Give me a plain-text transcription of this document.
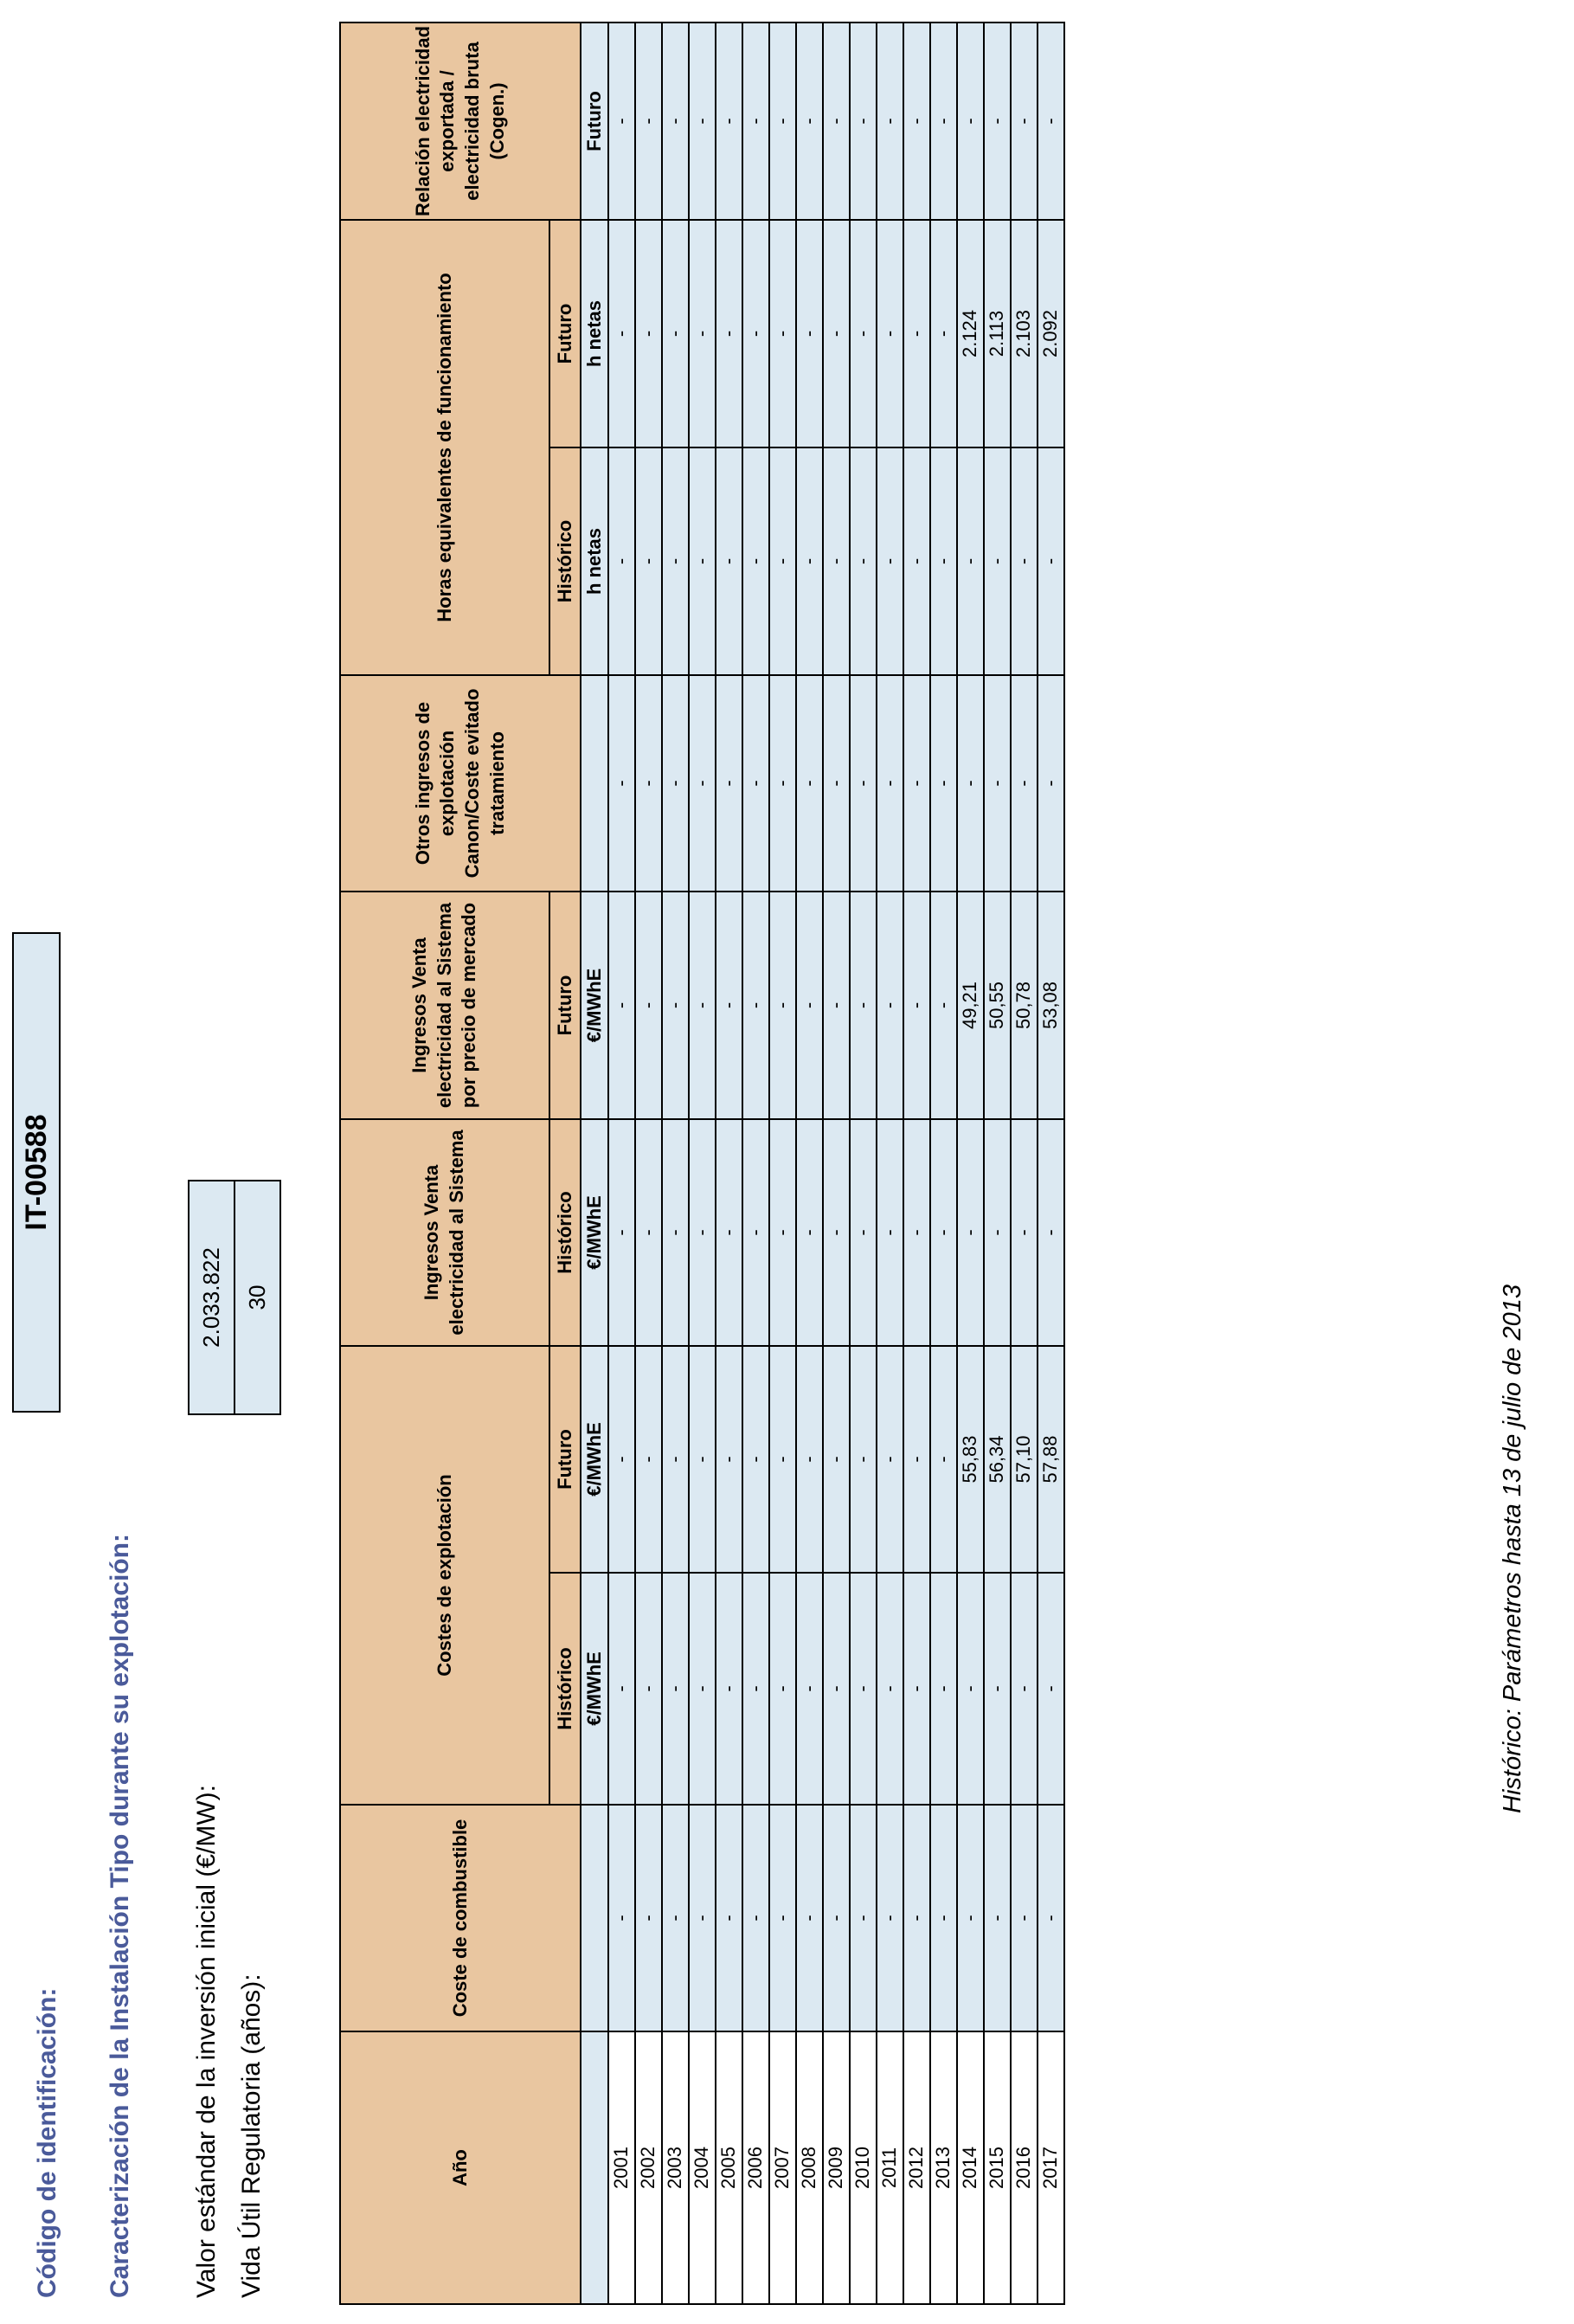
Código de identificación:
IT-00588
Caracterización de la Instalación Tipo durante su explotación: Valor estándar de la inversión inicial (€/MW):
2.033.822
Vida Útil Regulatoria (años):
30
Año	Coste de combustible	Costes de explotación		Ingresos Venta electricidad al Sistema	Ingresos Venta electricidad al Sistema por precio de mercado	Otros ingresos de explotación Canon/Coste evitado tratamiento	Horas equivalentes de funcionamiento		Relación electricidad exportada / electricidad bruta (Cogen.)
		Histórico	Futuro	Histórico	Futuro		Histórico	Futuro	
		€/MWhE	€/MWhE	€/MWhE	€/MWhE		h netas	h netas	Futuro
2001	-	-	-	-	-	-	-	-	-
2002	-	-	-	-	-	-	-	-	-
2003	-	-	-	-	-	-	-	-	-
2004	-	-	-	-	-	-	-	-	-
2005	-	-	-	-	-	-	-	-	-
2006	-	-	-	-	-	-	-	-	-
2007	-	-	-	-	-	-	-	-	-
2008	-	-	-	-	-	-	-	-	-
2009	-	-	-	-	-	-	-	-	-
2010	-	-	-	-	-	-	-	-	-
2011	-	-	-	-	-	-	-	-	-
2012	-	-	-	-	-	-	-	-	-
2013	-	-	-	-	-	-	-	-	-
2014	-	-	55,83	-	49,21	-	-	2.124	-
2015	-	-	56,34	-	50,55	-	-	2.113	-
2016	-	-	57,10	-	50,78	-	-	2.103	-
2017	-	-	57,88	-	53,08	-	-	2.092	-
Histórico: Parámetros hasta 13 de julio de 2013
